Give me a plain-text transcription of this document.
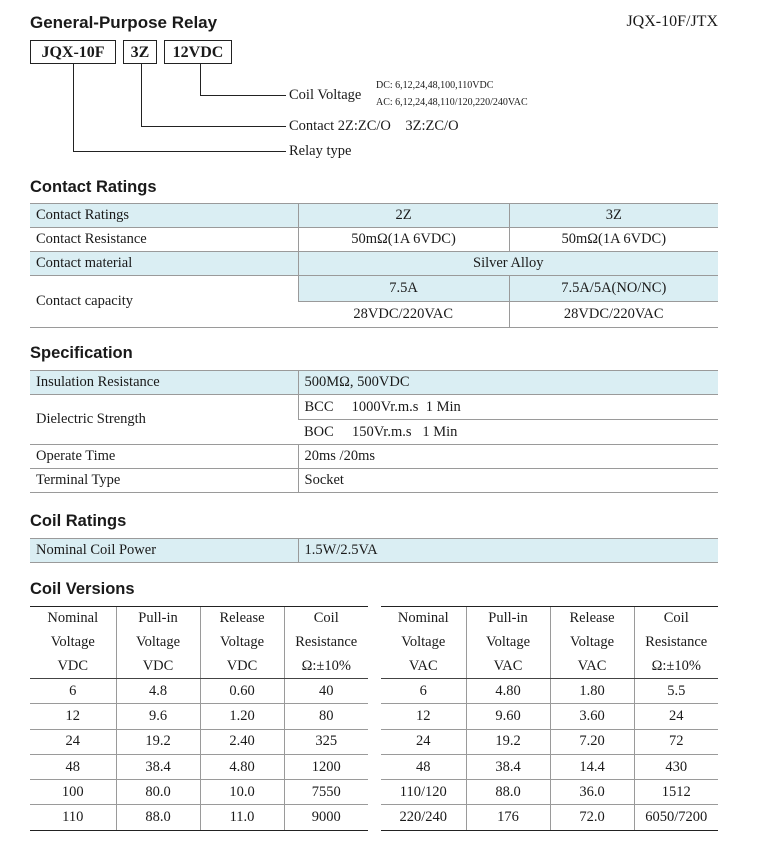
General-Purpose Relay	JQX-10F/JTX
JQX-10F	3Z	12VDC
Coil Voltage
DC: 6,12,24,48,100,110VDC
AC: 6,12,24,48,110/120,220/240VAC
Contact 2Z:ZC/O    3Z:ZC/O
Relay type
Contact Ratings
Contact Ratings	2Z	3Z
Contact Resistance	50mΩ(1A 6VDC)	50mΩ(1A 6VDC)
Contact material	Silver Alloy	
Contact capacity	7.5A	7.5A/5A(NO/NC)
	28VDC/220VAC	28VDC/220VAC
Specification
Insulation Resistance	500MΩ, 500VDC
Dielectric Strength	BCC 1000Vr.m.s  1 Min
	BOC 150Vr.m.s   1 Min
Operate Time	20ms /20ms
Terminal Type	Socket
Coil Ratings
Nominal Coil Power	1.5W/2.5VA
Coil Versions
Nominal	Pull-in	Release	Coil
Voltage	Voltage	Voltage	Resistance
VDC	VDC	VDC	Ω:±10%
6	4.8	0.60	40
12	9.6	1.20	80
24	19.2	2.40	325
48	38.4	4.80	1200
100	80.0	10.0	7550
110	88.0	11.0	9000
Nominal	Pull-in	Release	Coil
Voltage	Voltage	Voltage	Resistance
VAC	VAC	VAC	Ω:±10%
6	4.80	1.80	5.5
12	9.60	3.60	24
24	19.2	7.20	72
48	38.4	14.4	430
110/120	88.0	36.0	1512
220/240	176	72.0	6050/7200
